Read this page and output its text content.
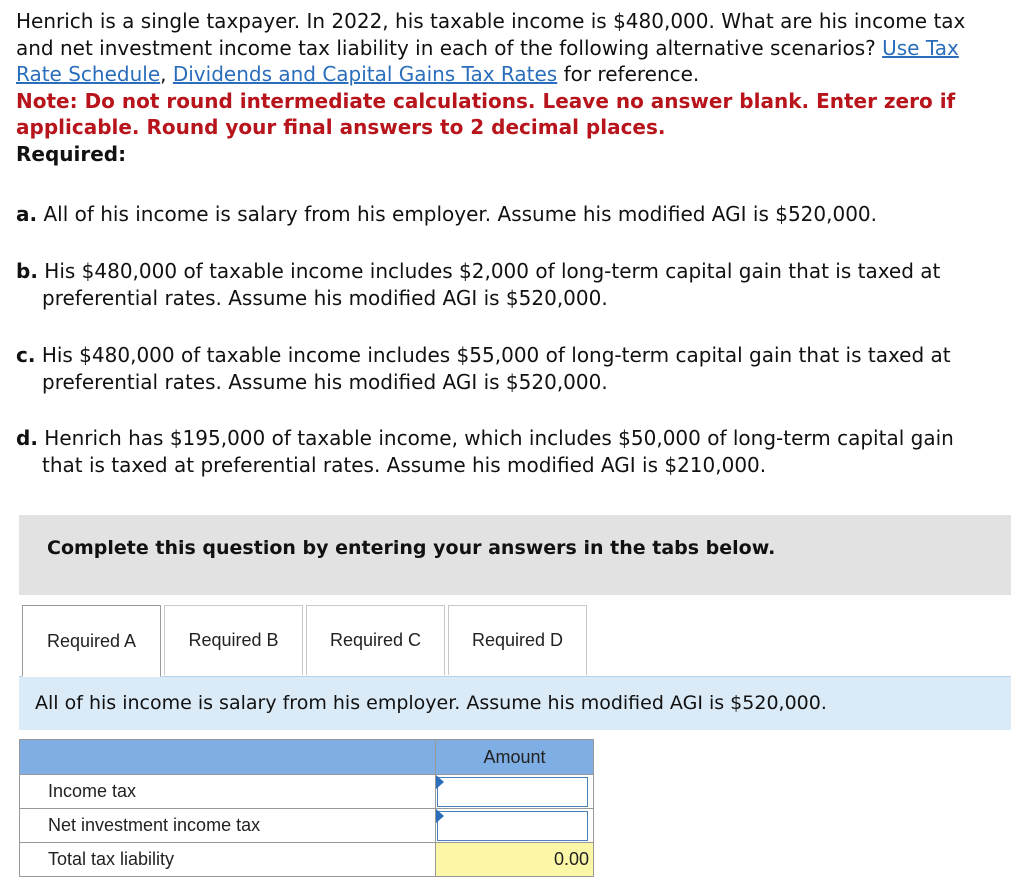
Henrich is a single taxpayer. In 2022, his taxable income is $480,000. What are his income tax and net investment income tax liability in each of the following alternative scenarios? Use Tax Rate Schedule, Dividends and Capital Gains Tax Rates for reference.
Note: Do not round intermediate calculations. Leave no answer blank. Enter zero if applicable. Round your final answers to 2 decimal places.
Required:
a. All of his income is salary from his employer. Assume his modified AGI is $520,000.
b. His $480,000 of taxable income includes $2,000 of long-term capital gain that is taxed at
preferential rates. Assume his modified AGI is $520,000.
c. His $480,000 of taxable income includes $55,000 of long-term capital gain that is taxed at
preferential rates. Assume his modified AGI is $520,000.
d. Henrich has $195,000 of taxable income, which includes $50,000 of long-term capital gain
that is taxed at preferential rates. Assume his modified AGI is $210,000.
Complete this question by entering your answers in the tabs below.
Required A	Required B	Required C	Required D
All of his income is salary from his employer. Assume his modified AGI is $520,000.
	Amount
Income tax	

Net investment income tax	

Total tax liability	0.00
